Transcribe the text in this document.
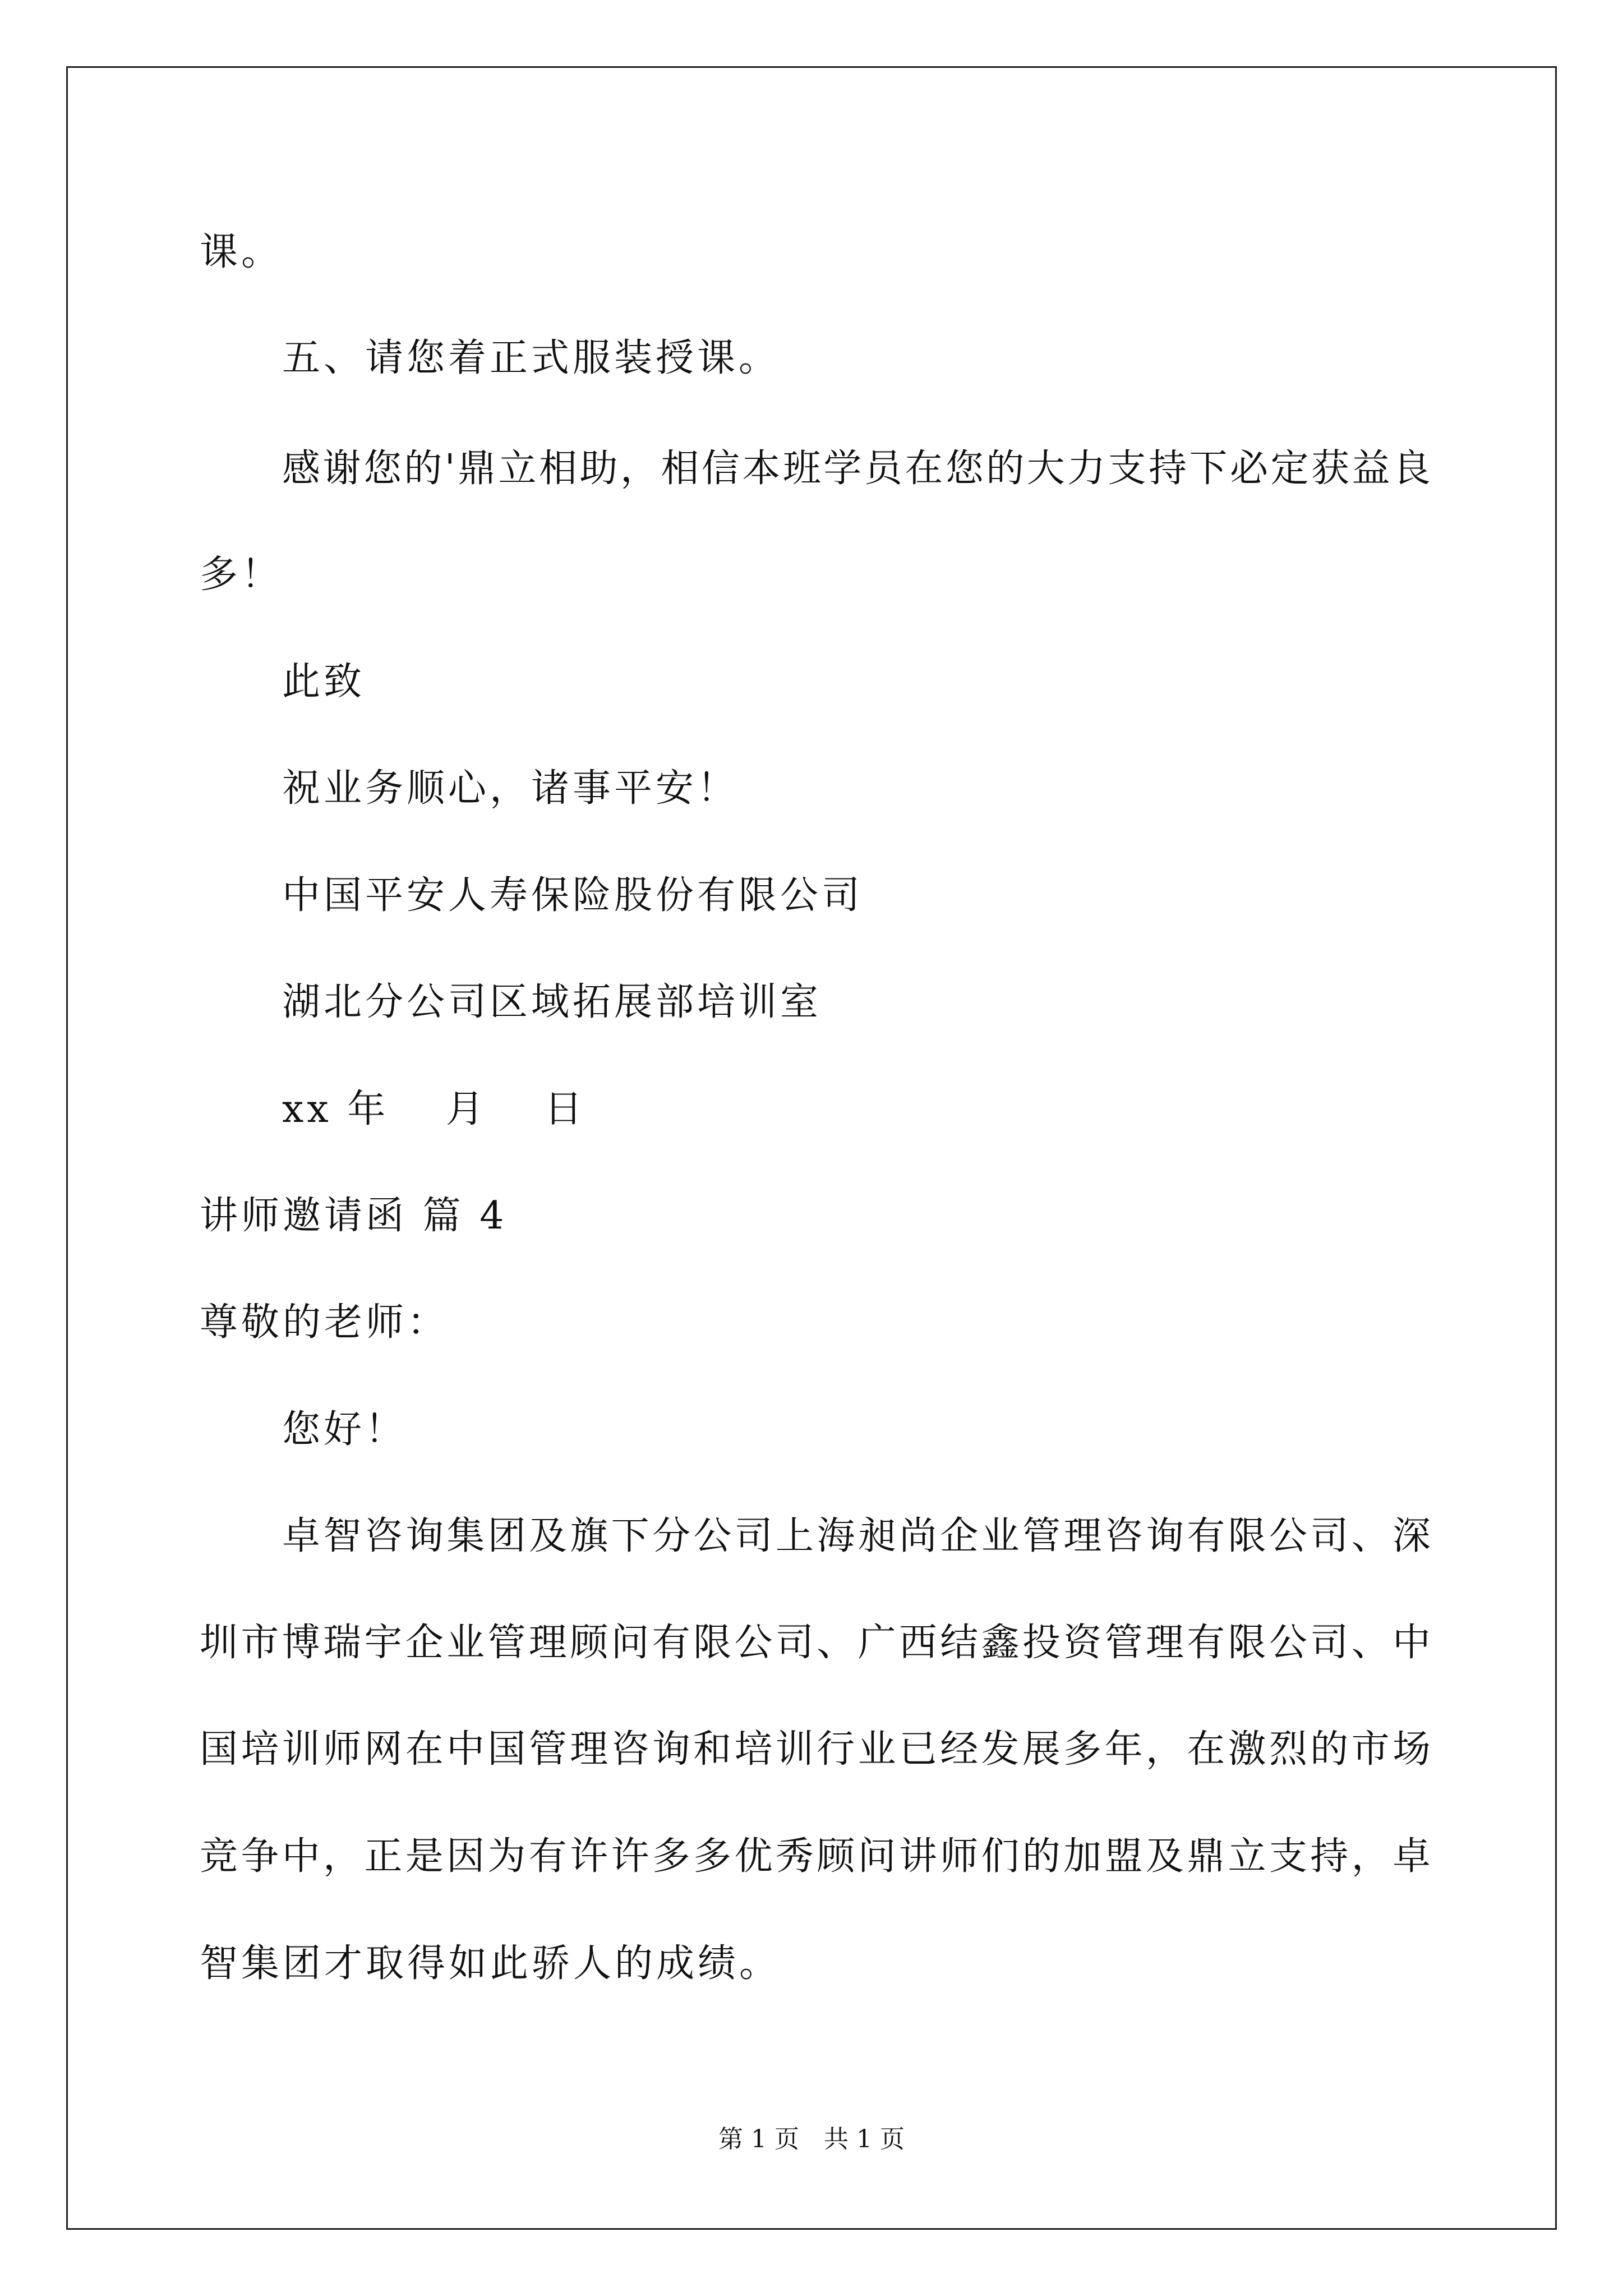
课。
五、请您着正式服装授课。
感谢您的'鼎立相助，相信本班学员在您的大力支持下必定获益良
多！
此致
祝业务顺心，诸事平安！
中国平安人寿保险股份有限公司
湖北分公司区域拓展部培训室
xx 年　 月　 日
讲师邀请函 篇 4
尊敬的老师：
您好！
卓智咨询集团及旗下分公司上海昶尚企业管理咨询有限公司、深
圳市博瑞宇企业管理顾问有限公司、广西结鑫投资管理有限公司、中
国培训师网在中国管理咨询和培训行业已经发展多年，在激烈的市场
竞争中，正是因为有许许多多优秀顾问讲师们的加盟及鼎立支持，卓
智集团才取得如此骄人的成绩。
第 1 页　共 1 页
